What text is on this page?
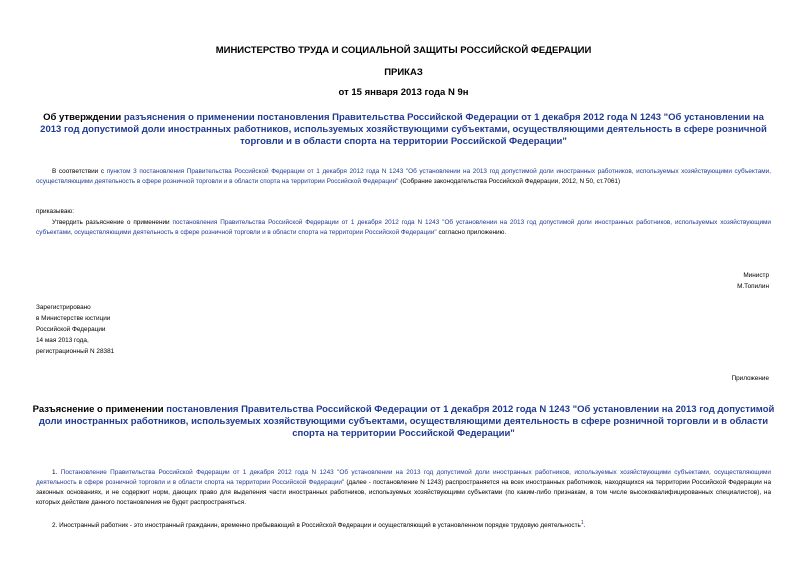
МИНИСТЕРСТВО ТРУДА И СОЦИАЛЬНОЙ ЗАЩИТЫ РОССИЙСКОЙ ФЕДЕРАЦИИ
ПРИКАЗ
от 15 января 2013 года N 9н
Об утверждении разъяснения о применении постановления Правительства Российской Федерации от 1 декабря 2012 года N 1243 "Об установлении на 2013 год допустимой доли иностранных работников, используемых хозяйствующими субъектами, осуществляющими деятельность в сфере розничной торговли и в области спорта на территории Российской Федерации"
В соответствии с пунктом 3 постановления Правительства Российской Федерации от 1 декабря 2012 года N 1243 "Об установлении на 2013 год допустимой доли иностранных работников, используемых хозяйствующими субъектами, осуществляющими деятельность в сфере розничной торговли и в области спорта на территории Российской Федерации" (Собрание законодательства Российской Федерации, 2012, N 50, ст.7061)
приказываю:
Утвердить разъяснение о применении постановления Правительства Российской Федерации от 1 декабря 2012 года N 1243 "Об установлении на 2013 год допустимой доли иностранных работников, используемых хозяйствующими субъектами, осуществляющими деятельность в сфере розничной торговли и в области спорта на территории Российской Федерации" согласно приложению.
Министр
М.Топилин
Зарегистрировано
в Министерстве юстиции
Российской Федерации
14 мая 2013 года,
регистрационный N 28381
Приложение
Разъяснение о применении постановления Правительства Российской Федерации от 1 декабря 2012 года N 1243 "Об установлении на 2013 год допустимой доли иностранных работников, используемых хозяйствующими субъектами, осуществляющими деятельность в сфере розничной торговли и в области спорта на территории Российской Федерации"
1. Постановление Правительства Российской Федерации от 1 декабря 2012 года N 1243 "Об установлении на 2013 год допустимой доли иностранных работников, используемых хозяйствующими субъектами, осуществляющими деятельность в сфере розничной торговли и в области спорта на территории Российской Федерации" (далее - постановление N 1243) распространяется на всех иностранных работников, находящихся на территории Российской Федерации на законных основаниях, и не содержит норм, дающих право для выделения части иностранных работников, используемых хозяйствующими субъектами (по каким-либо признакам, в том числе высококвалифицированных специалистов), на которых действие данного постановления не будет распространяться.
2. Иностранный работник - это иностранный гражданин, временно пребывающий в Российской Федерации и осуществляющий в установленном порядке трудовую деятельность$^1$.
